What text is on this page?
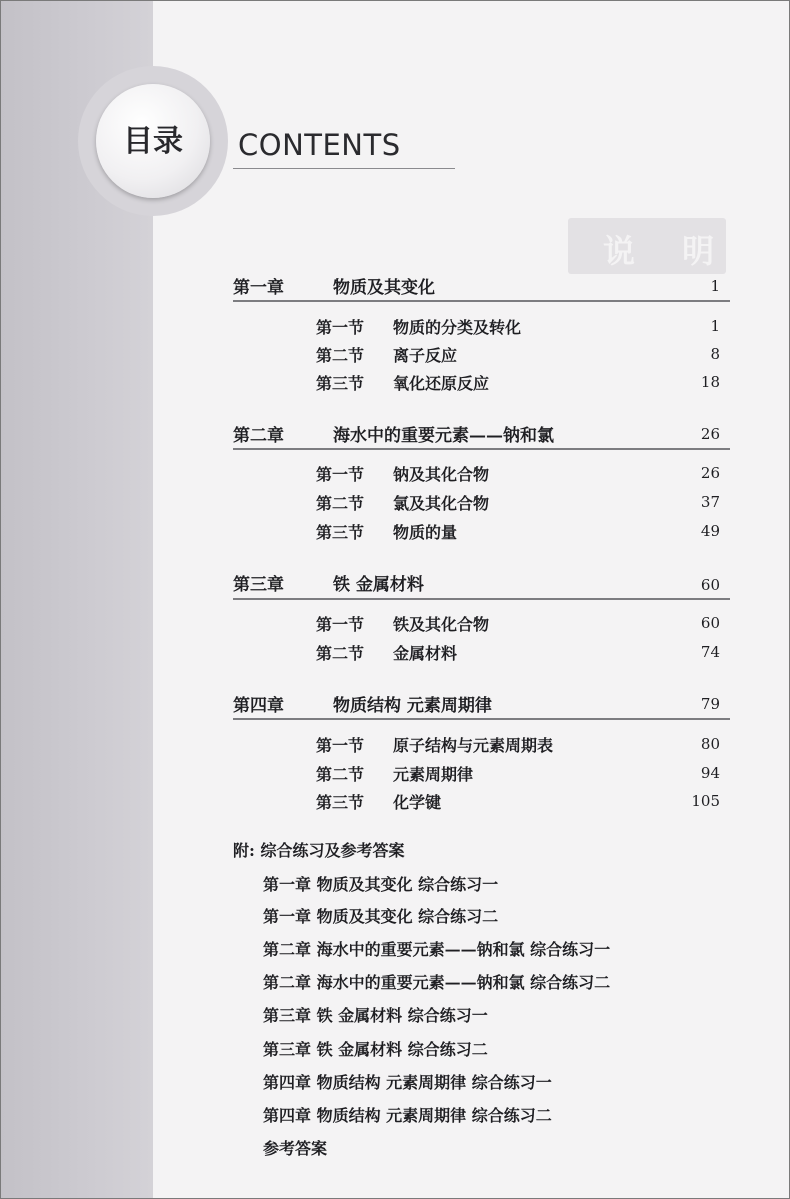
说 明
目录	CONTENTS
第一章	物质及其变化	1
第一节 物质的分类及转化	1
第二节 离子反应	8
第三节 氧化还原反应	18
第二章	海水中的重要元素——钠和氯	26
第一节 钠及其化合物	26
第二节 氯及其化合物	37
第三节 物质的量	49
第三章	铁 金属材料	60
第一节 铁及其化合物	60
第二节 金属材料	74
第四章	物质结构 元素周期律	79
第一节 原子结构与元素周期表	80
第二节 元素周期律	94
第三节 化学键	105
附: 综合练习及参考答案
第一章 物质及其变化 综合练习一
第一章 物质及其变化 综合练习二
第二章 海水中的重要元素——钠和氯 综合练习一
第二章 海水中的重要元素——钠和氯 综合练习二
第三章 铁 金属材料 综合练习一
第三章 铁 金属材料 综合练习二
第四章 物质结构 元素周期律 综合练习一
第四章 物质结构 元素周期律 综合练习二
参考答案
